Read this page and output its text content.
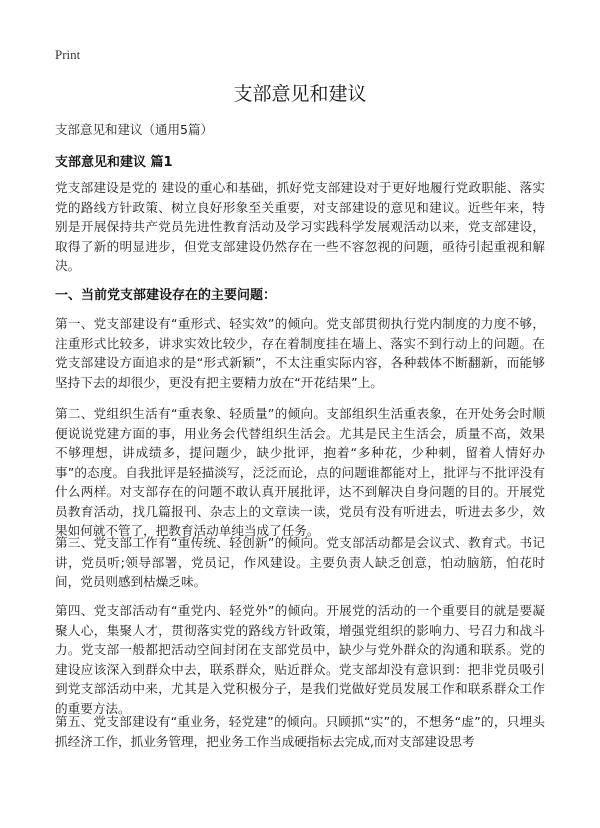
Print
支部意见和建议

支部意见和建议（通用5篇）

支部意见和建议 篇1

党支部建设是党的 建设的重心和基础，抓好党支部建设对于更好地履行党政职能、落实党的路线方针政策、树立良好形象至关重要，对支部建设的意见和建议。近些年来，特别是开展保持共产党员先进性教育活动及学习实践科学发展观活动以来，党支部建设，取得了新的明显进步，但党支部建设仍然存在一些不容忽视的问题，亟待引起重视和解决。

一、当前党支部建设存在的主要问题：

第一、党支部建设有“重形式、轻实效”的倾向。党支部贯彻执行党内制度的力度不够，注重形式比较多，讲求实效比较少，存在着制度挂在墙上、落实不到行动上的问题。在党支部建设方面追求的是“形式新颖”，不太注重实际内容，各种载体不断翻新，而能够坚持下去的却很少，更没有把主要精力放在“开花结果”上。

第二、党组织生活有“重表象、轻质量”的倾向。支部组织生活重表象，在开处务会时顺便说说党建方面的事，用业务会代替组织生活会。尤其是民主生活会，质量不高，效果不够理想，讲成绩多，提问题少，缺少批评，抱着“多种花，少种刺，留着人情好办事”的态度。自我批评是轻描淡写，泛泛而论，点的问题谁都能对上，批评与不批评没有什么两样。对支部存在的问题不敢认真开展批评，达不到解决自身问题的目的。开展党员教育活动，找几篇报刊、杂志上的文章读一读，党员有没有听进去，听进去多少，效果如何就不管了，把教育活动单纯当成了任务。

第三、党支部工作有“重传统、轻创新”的倾向。党支部活动都是会议式、教育式。书记讲，党员听;领导部署，党员记，作风建设。主要负责人缺乏创意，怕动脑筋，怕花时间，党员则感到枯燥乏味。

第四、党支部活动有“重党内、轻党外”的倾向。开展党的活动的一个重要目的就是要凝聚人心，集聚人才，贯彻落实党的路线方针政策，增强党组织的影响力、号召力和战斗力。党支部一般都把活动空间封闭在支部党员中，缺少与党外群众的沟通和联系。党的建设应该深入到群众中去，联系群众，贴近群众。党支部却没有意识到：把非党员吸引到党支部活动中来，尤其是入党积极分子，是我们党做好党员发展工作和联系群众工作的重要方法。

第五、党支部建设有“重业务，轻党建”的倾向。只顾抓“实”的，不想务“虚”的，只埋头抓经济工作，抓业务管理，把业务工作当成硬指标去完成,而对支部建设思考
